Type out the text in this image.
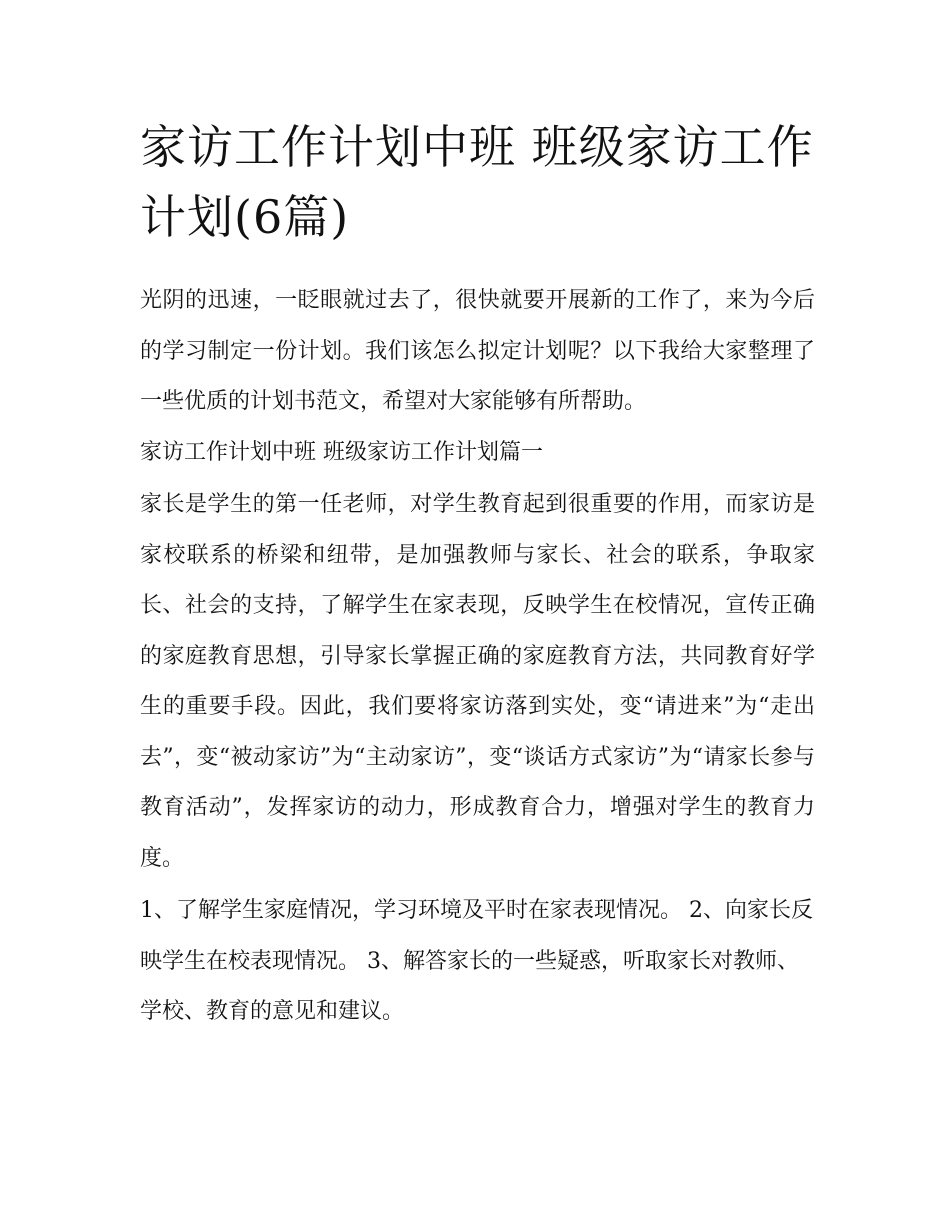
家访工作计划中班 班级家访工作计划(6篇)

光阴的迅速，一眨眼就过去了，很快就要开展新的工作了，来为今后的学习制定一份计划。我们该怎么拟定计划呢？以下我给大家整理了一些优质的计划书范文，希望对大家能够有所帮助。

家访工作计划中班 班级家访工作计划篇一

家长是学生的第一任老师，对学生教育起到很重要的作用，而家访是家校联系的桥梁和纽带，是加强教师与家长、社会的联系，争取家长、社会的支持，了解学生在家表现，反映学生在校情况，宣传正确的家庭教育思想，引导家长掌握正确的家庭教育方法，共同教育好学生的重要手段。因此，我们要将家访落到实处，变“请进来”为“走出去”，变“被动家访”为“主动家访”，变“谈话方式家访”为“请家长参与教育活动”，发挥家访的动力，形成教育合力，增强对学生的教育力度。

1、了解学生家庭情况，学习环境及平时在家表现情况。 2、向家长反映学生在校表现情况。 3、解答家长的一些疑惑，听取家长对教师、学校、教育的意见和建议。
